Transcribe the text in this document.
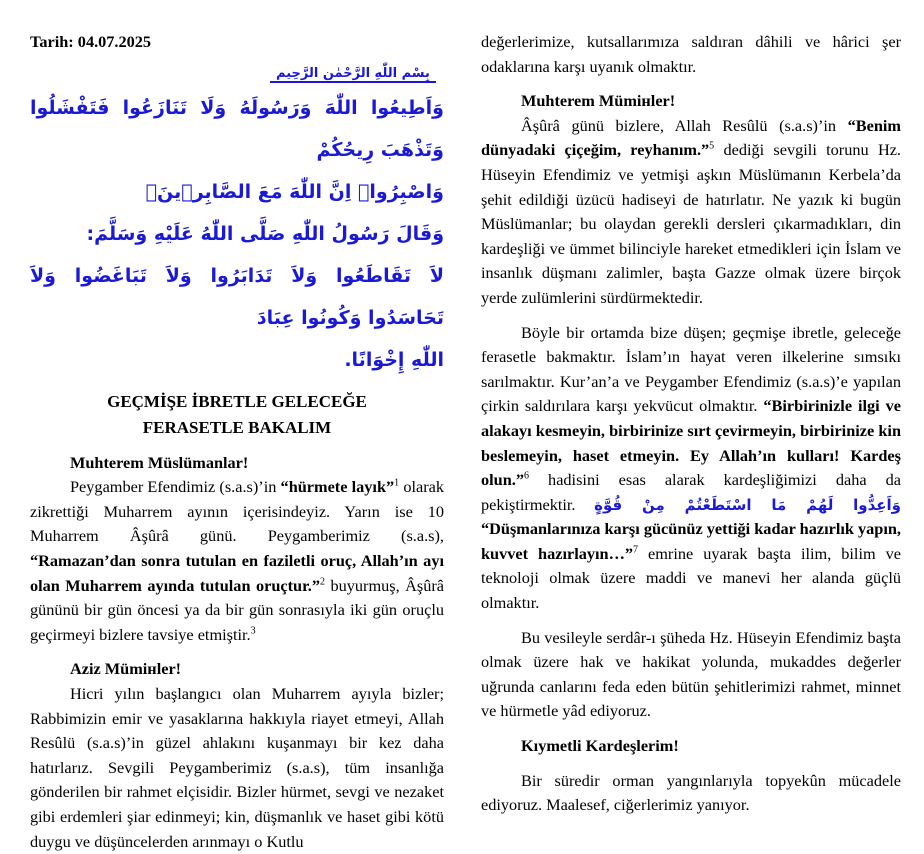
Tarih: 04.07.2025

بِسْمِ اللّٰهِ الرَّحْمٰنِ الرَّحِيمِ

وَاَطِيعُوا اللّٰهَ وَرَسُولَهُ وَلَا تَنَازَعُوا فَتَفْشَلُوا وَتَذْهَبَ رِيحُكُمْ

وَاصْبِرُواۜ اِنَّ اللّٰهَ مَعَ الصَّابِر۪ينَۚ

وَقَالَ رَسُولُ اللّٰهِ صَلَّى اللّٰهُ عَلَيْهِ وَسَلَّمَ:

لاَ تَقَاطَعُوا وَلاَ تَدَابَرُوا وَلاَ تَبَاغَضُوا وَلاَ تَحَاسَدُوا وَكُونُوا عِبَادَ

اللّٰهِ إِخْوَانًا.

GEÇMİŞE İBRETLE GELECEĞE

FERASETLE BAKALIM

Muhterem Müslümanlar!

Peygamber Efendimiz (s.a.s)’in “hürmete layık”$^1$ olarak zikrettiği Muharrem ayının içerisindeyiz. Yarın ise 10 Muharrem Âşûrâ günü. Peygamberimiz (s.a.s), “Ramazan’dan sonra tutulan en faziletli oruç, Allah’ın ayı olan Muharrem ayında tutulan oruçtur.”$^2$ buyurmuş, Âşûrâ gününü bir gün öncesi ya da bir gün sonrasıyla iki gün oruçlu geçirmeyi bizlere tavsiye etmiştir.$^3$

Aziz Mümінler!

Hicri yılın başlangıcı olan Muharrem ayıyla bizler; Rabbimizin emir ve yasaklarına hakkıyla riayet etmeyi, Allah Resûlü (s.a.s)’in güzel ahlakını kuşanmayı bir kez daha hatırlarız. Sevgili Peygamberimiz (s.a.s), tüm insanlığa gönderilen bir rahmet elçisidir. Bizler hürmet, sevgi ve nezaket gibi erdemleri şiar edinmeyi; kin, düşmanlık ve haset gibi kötü duygu ve düşüncelerden arınmayı o Kutlu

değerlerimize, kutsallarımıza saldıran dâhili ve hârici şer odaklarına karşı uyanık olmaktır.

Muhterem Mümінler!

Âşûrâ günü bizlere, Allah Resûlü (s.a.s)’in “Benim dünyadaki çiçeğim, reyhanım.”$^5$ dediği sevgili torunu Hz. Hüseyin Efendimiz ve yetmişi aşkın Müslümanın Kerbela’da şehit edildiği üzücü hadiseyi de hatırlatır. Ne yazık ki bugün Müslümanlar; bu olaydan gerekli dersleri çıkarmadıkları, din kardeşliği ve ümmet bilinciyle hareket etmedikleri için İslam ve insanlık düşmanı zalimler, başta Gazze olmak üzere birçok yerde zulümlerini sürdürmektedir.

Böyle bir ortamda bize düşen; geçmişe ibretle, geleceğe ferasetle bakmaktır. İslam’ın hayat veren ilkelerine sımsıkı sarılmaktır. Kur’an’a ve Peygamber Efendimiz (s.a.s)’e yapılan çirkin saldırılara karşı yekvücut olmaktır. “Birbirinizle ilgi ve alakayı kesmeyin, birbirinize sırt çevirmeyin, birbirinize kin beslemeyin, haset etmeyin. Ey Allah’ın kulları! Kardeş olun.”$^6$ hadisini esas alarak kardeşliğimizi daha da pekiştirmektir. وَاَعِدُّوا لَهُمْ مَا اسْتَطَعْتُمْ مِنْ قُوَّةٍ “Düşmanlarınıza karşı gücünüz yettiği kadar hazırlık yapın, kuvvet hazırlayın…”$^7$ emrine uyarak başta ilim, bilim ve teknoloji olmak üzere maddi ve manevi her alanda güçlü olmaktır.

Bu vesileyle serdâr-ı şüheda Hz. Hüseyin Efendimiz başta olmak üzere hak ve hakikat yolunda, mukaddes değerler uğrunda canlarını feda eden bütün şehitlerimizi rahmet, minnet ve hürmetle yâd ediyoruz.

Kıymetli Kardeşlerim!

Bir süredir orman yangınlarıyla topyekûn mücadele ediyoruz. Maalesef, ciğerlerimiz yanıyor.
